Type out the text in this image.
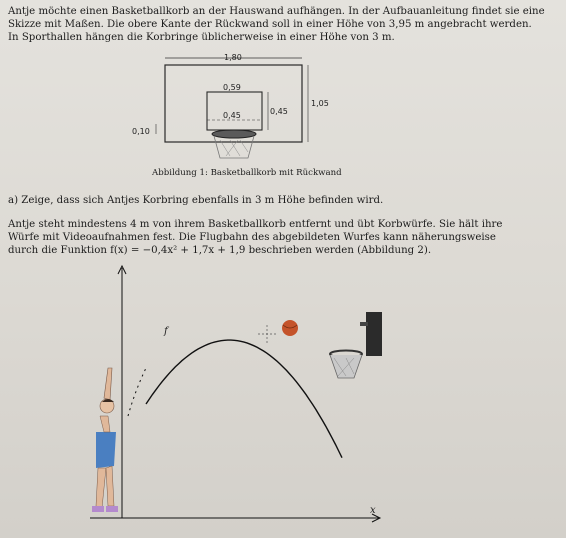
Antje möchte einen Basketballkorb an der Hauswand aufhängen. In der Aufbauanleitung findet sie eine
Skizze mit Maßen. Die obere Kante der Rückwand soll in einer Höhe von 3,95 m angebracht werden.
In Sporthallen hängen die Korbringe üblicherweise in einer Höhe von 3 m.
1,80
0,59
0,45	0,45
1,05
0,10
Abbildung 1: Basketballkorb mit Rückwand
a) Zeige, dass sich Antjes Korbring ebenfalls in 3 m Höhe befinden wird.
Antje steht mindestens 4 m von ihrem Basketballkorb entfernt und übt Korbwürfe. Sie hält ihre
Würfe mit Videoaufnahmen fest. Die Flugbahn des abgebildeten Wurfes kann näherungsweise
durch die Funktion f(x) = −0,4x² + 1,7x + 1,9 beschrieben werden (Abbildung 2).
x
f
